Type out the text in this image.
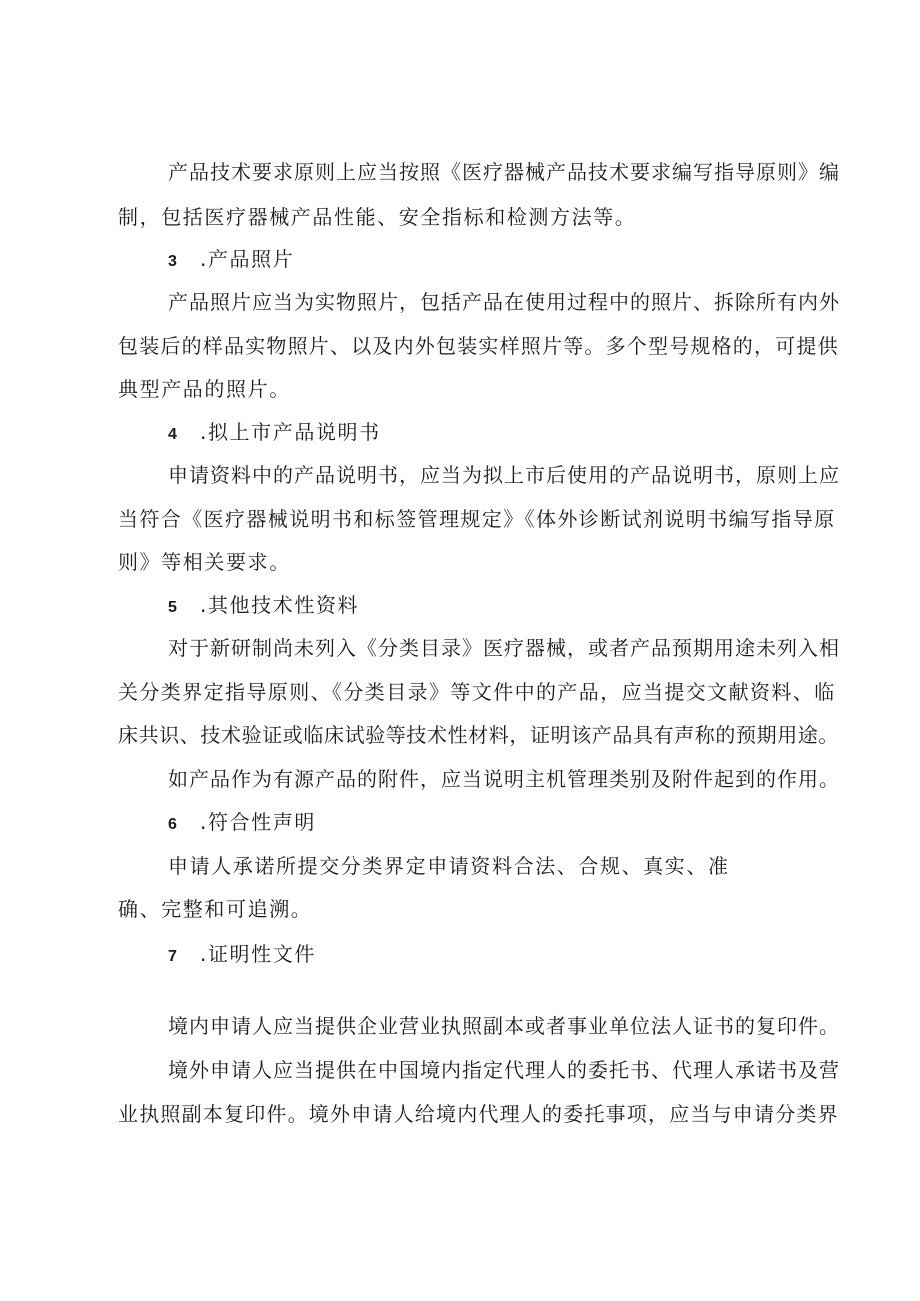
产品技术要求原则上应当按照《医疗器械产品技术要求编写指导原则》编
制，包括医疗器械产品性能、安全指标和检测方法等。
3 .产品照片
产品照片应当为实物照片，包括产品在使用过程中的照片、拆除所有内外
包装后的样品实物照片、以及内外包装实样照片等。多个型号规格的，可提供
典型产品的照片。
4 .拟上市产品说明书
申请资料中的产品说明书，应当为拟上市后使用的产品说明书，原则上应
当符合《医疗器械说明书和标签管理规定》《体外诊断试剂说明书编写指导原
则》等相关要求。
5 .其他技术性资料
对于新研制尚未列入《分类目录》医疗器械，或者产品预期用途未列入相
关分类界定指导原则、《分类目录》等文件中的产品，应当提交文献资料、临
床共识、技术验证或临床试验等技术性材料，证明该产品具有声称的预期用途。
如产品作为有源产品的附件，应当说明主机管理类别及附件起到的作用。
6 .符合性声明
申请人承诺所提交分类界定申请资料合法、合规、真实、准
确、完整和可追溯。
7 .证明性文件
境内申请人应当提供企业营业执照副本或者事业单位法人证书的复印件。
境外申请人应当提供在中国境内指定代理人的委托书、代理人承诺书及营
业执照副本复印件。境外申请人给境内代理人的委托事项，应当与申请分类界
